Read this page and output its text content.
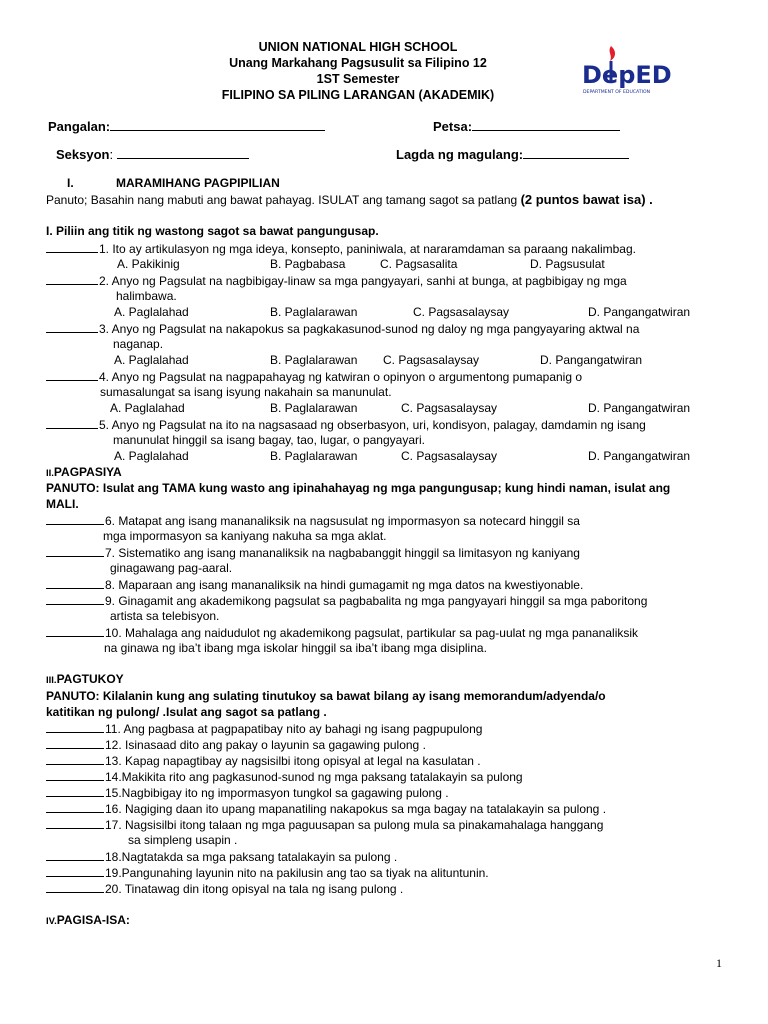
UNION NATIONAL HIGH SCHOOL
Unang Markahang Pagsusulit sa Filipino 12
1ST Semester
FILIPINO SA PILING LARANGAN (AKADEMIK)
DepED
DEPARTMENT OF EDUCATION
Pangalan:	Petsa:
Seksyon:	Lagda ng magulang:
I.	MARAMIHANG PAGPIPILIAN
Panuto; Basahin nang mabuti ang bawat pahayag. ISULAT ang tamang sagot sa patlang (2 puntos bawat isa) .
I. Piliin ang titik ng wastong sagot sa bawat pangungusap.
1. Ito ay artikulasyon ng mga ideya, konsepto, paniniwala, at nararamdaman sa paraang nakalimbag.
A. Pakikinig	B. Pagbabasa	C. Pagsasalita	D. Pagsusulat
2. Anyo ng Pagsulat na nagbibigay-linaw sa mga pangyayari, sanhi at bunga, at pagbibigay ng mga
halimbawa.
A. Paglalahad	B. Paglalarawan	C. Pagsasalaysay	D. Pangangatwiran
3. Anyo ng Pagsulat na nakapokus sa pagkakasunod-sunod ng daloy ng mga pangyayaring aktwal na
naganap.
A. Paglalahad	B. Paglalarawan C. Pagsasalaysay	D. Pangangatwiran
4. Anyo ng Pagsulat na nagpapahayag ng katwiran o opinyon o argumentong pumapanig o
sumasalungat sa isang isyung nakahain sa manunulat.
A. Paglalahad	B. Paglalarawan	C. Pagsasalaysay	D. Pangangatwiran
5. Anyo ng Pagsulat na ito na nagsasaad ng obserbasyon, uri, kondisyon, palagay, damdamin ng isang
manunulat hinggil sa isang bagay, tao, lugar, o pangyayari.
A. Paglalahad	B. Paglalarawan	C. Pagsasalaysay	D. Pangangatwiran
II.PAGPASIYA
PANUTO: Isulat ang TAMA kung wasto ang ipinahahayag ng mga pangungusap; kung hindi naman, isulat ang
MALI.
6. Matapat ang isang mananaliksik na nagsusulat ng impormasyon sa notecard hinggil sa
mga impormasyon sa kaniyang nakuha sa mga aklat.
7. Sistematiko ang isang mananaliksik na nagbabanggit hinggil sa limitasyon ng kaniyang
ginagawang pag-aaral.
8. Maparaan ang isang mananaliksik na hindi gumagamit ng mga datos na kwestiyonable.
9. Ginagamit ang akademikong pagsulat sa pagbabalita ng mga pangyayari hinggil sa mga paboritong
artista sa telebisyon.
10. Mahalaga ang naidudulot ng akademikong pagsulat, partikular sa pag-uulat ng mga pananaliksik
na ginawa ng iba’t ibang mga iskolar hinggil sa iba’t ibang mga disiplina.
III.PAGTUKOY
PANUTO: Kilalanin kung ang sulating tinutukoy sa bawat bilang ay isang memorandum/adyenda/o
katitikan ng pulong/ .Isulat ang sagot sa patlang .
11. Ang pagbasa at pagpapatibay nito ay bahagi ng isang pagpupulong
12. Isinasaad dito ang pakay o layunin sa gagawing pulong .
13. Kapag napagtibay ay nagsisilbi itong opisyal at legal na kasulatan .
14.Makikita rito ang pagkasunod-sunod ng mga paksang tatalakayin sa pulong
15.Nagbibigay ito ng impormasyon tungkol sa gagawing pulong .
16. Nagiging daan ito upang mapanatiling nakapokus sa mga bagay na tatalakayin sa pulong .
17. Nagsisilbi itong talaan ng mga paguusapan sa pulong mula sa pinakamahalaga hanggang
sa simpleng usapin .
18.Nagtatakda sa mga paksang tatalakayin sa pulong .
19.Pangunahing layunin nito na pakilusin ang tao sa tiyak na alituntunin.
20. Tinatawag din itong opisyal na tala ng isang pulong .
IV.PAGISA-ISA:
1
